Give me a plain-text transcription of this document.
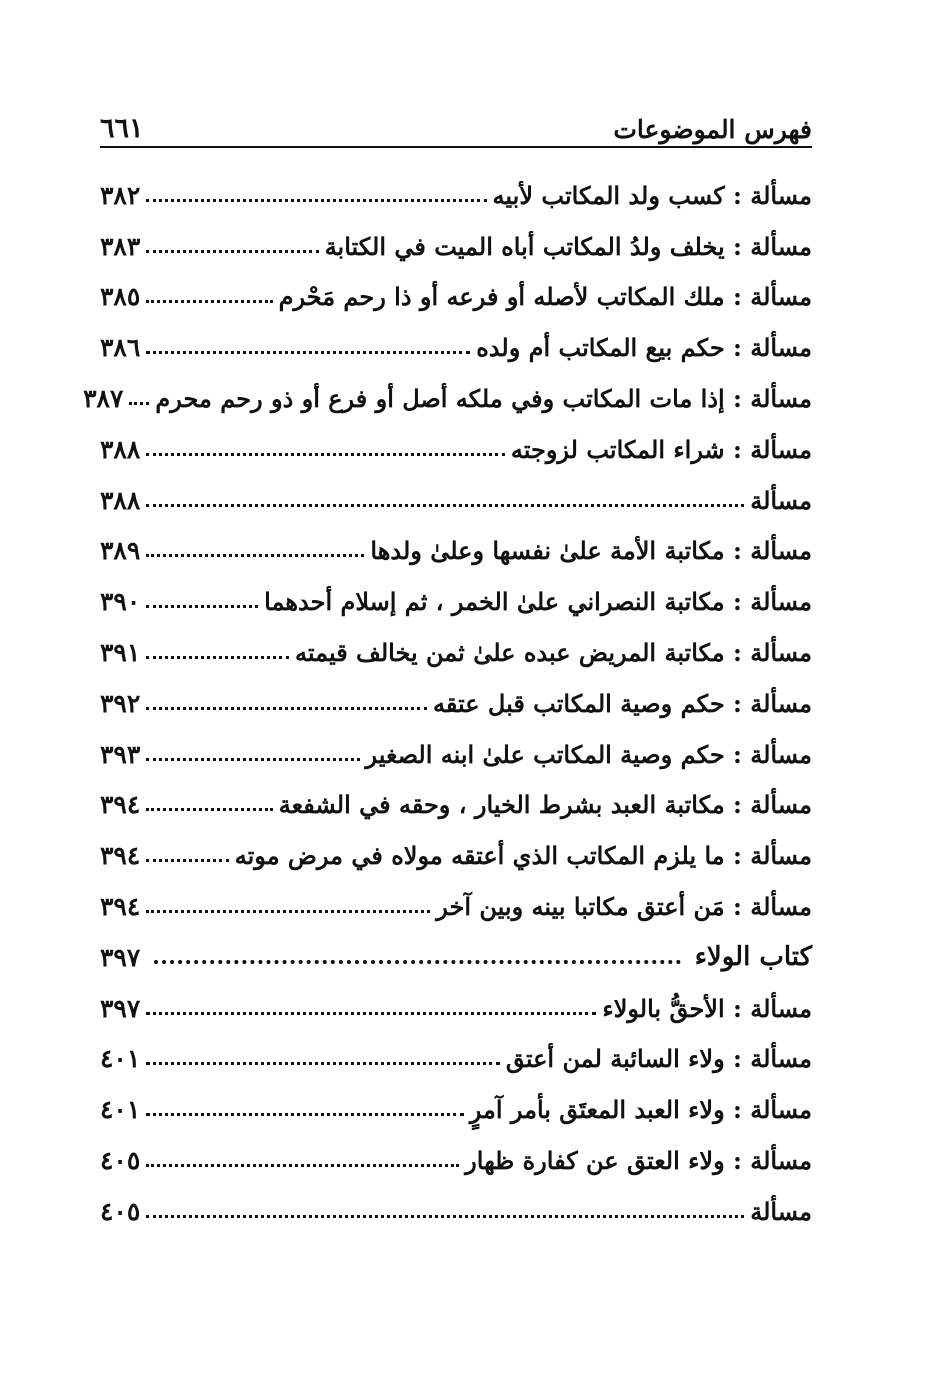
فهرس الموضوعات
٦٦١
مسألة : كسب ولد المكاتب لأبيه
٣٨٢
مسألة : يخلف ولدُ المكاتب أباه الميت في الكتابة
٣٨٣
مسألة : ملك المكاتب لأصله أو فرعه أو ذا رحم مَحْرم
٣٨٥
مسألة : حكم بيع المكاتب أم ولده
٣٨٦
مسألة : إذا مات المكاتب وفي ملكه أصل أو فرع أو ذو رحم محرم
٣٨٧
مسألة : شراء المكاتب لزوجته
٣٨٨
مسألة
٣٨٨
مسألة : مكاتبة الأمة علىٰ نفسها وعلىٰ ولدها
٣٨٩
مسألة : مكاتبة النصراني علىٰ الخمر ، ثم إسلام أحدهما
٣٩٠
مسألة : مكاتبة المريض عبده علىٰ ثمن يخالف قيمته
٣٩١
مسألة : حكم وصية المكاتب قبل عتقه
٣٩٢
مسألة : حكم وصية المكاتب علىٰ ابنه الصغير
٣٩٣
مسألة : مكاتبة العبد بشرط الخيار ، وحقه في الشفعة
٣٩٤
مسألة : ما يلزم المكاتب الذي أعتقه مولاه في مرض موته
٣٩٤
مسألة : مَن أعتق مكاتبا بينه وبين آخر
٣٩٤
كتاب الولاء
٣٩٧
مسألة : الأحقُّ بالولاء
٣٩٧
مسألة : ولاء السائبة لمن أعتق
٤٠١
مسألة : ولاء العبد المعتَق بأمر آمرٍ
٤٠١
مسألة : ولاء العتق عن كفارة ظهار
٤٠٥
مسألة
٤٠٥
